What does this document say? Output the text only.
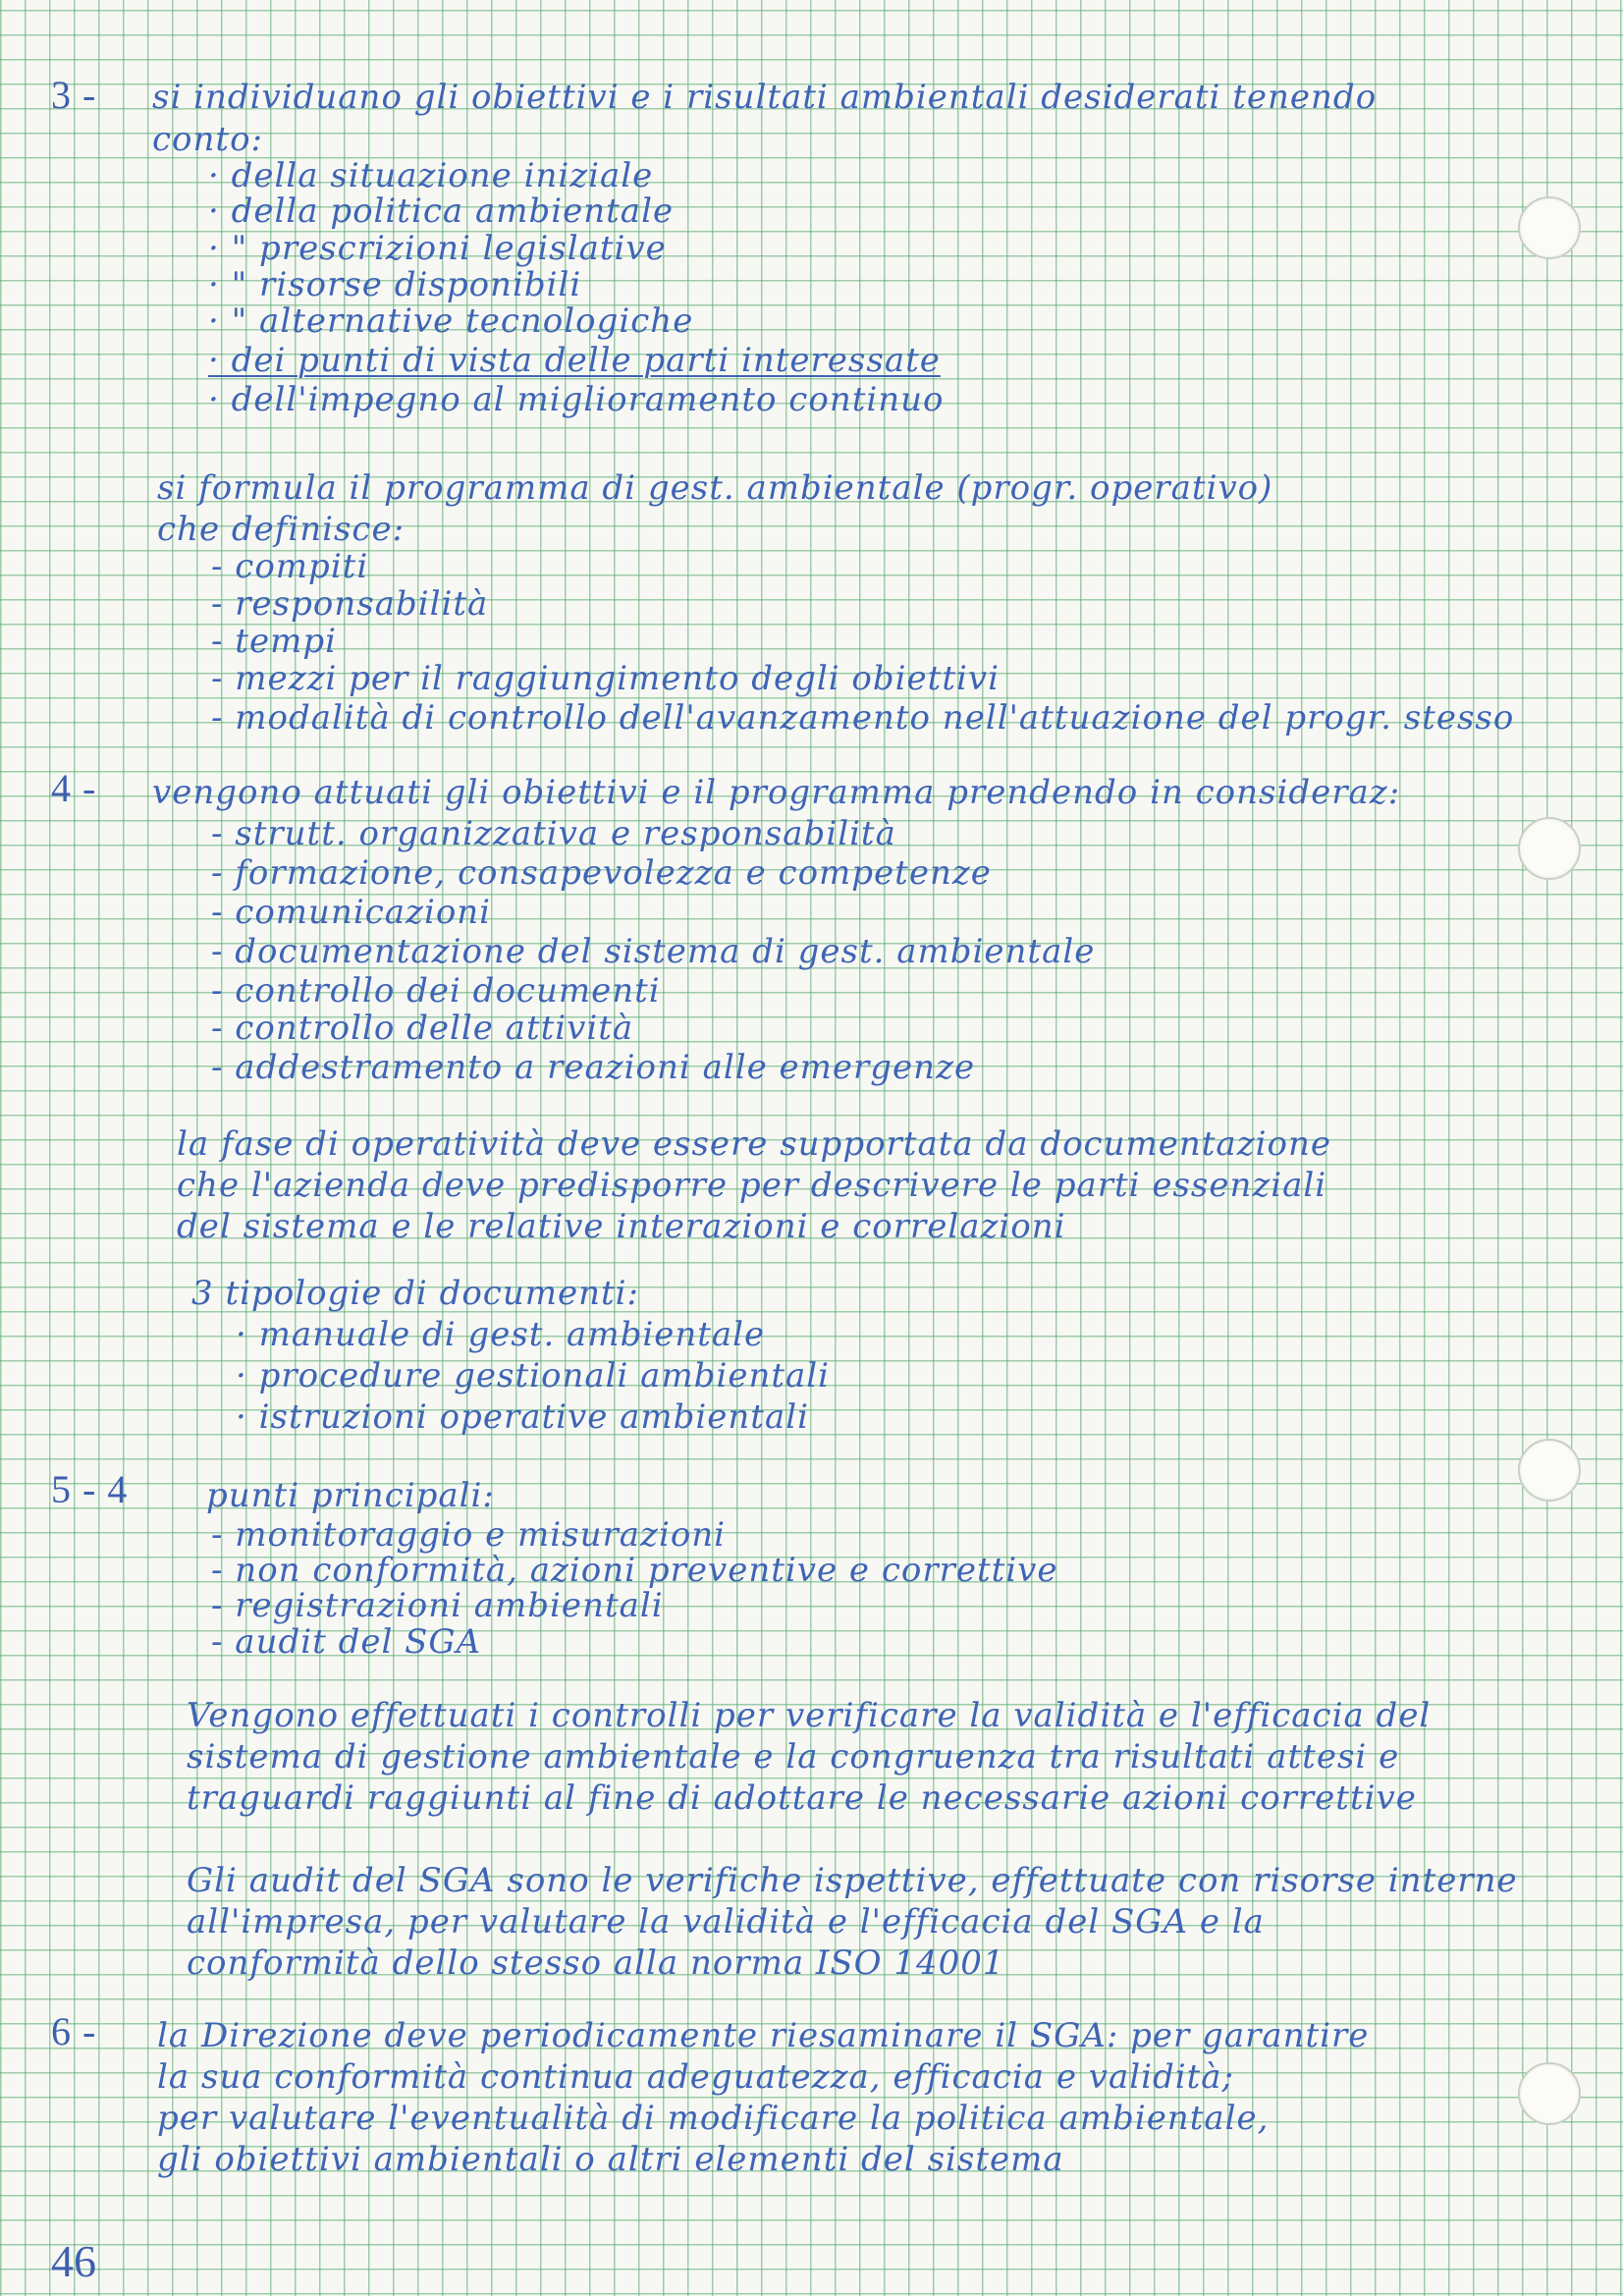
3 - si individuano gli obiettivi e i risultati ambientali desiderati tenendo
conto:
· della situazione iniziale
· della politica ambientale
· " prescrizioni legislative
· " risorse disponibili
· " alternative tecnologiche
· dei punti di vista delle parti interessate
· dell'impegno al miglioramento continuo
si formula il programma di gest. ambientale (progr. operativo)
che definisce:
- compiti
- responsabilità
- tempi
- mezzi per il raggiungimento degli obiettivi
- modalità di controllo dell'avanzamento nell'attuazione del progr. stesso
4 - vengono attuati gli obiettivi e il programma prendendo in consideraz:
- strutt. organizzativa e responsabilità
- formazione, consapevolezza e competenze
- comunicazioni
- documentazione del sistema di gest. ambientale
- controllo dei documenti
- controllo delle attività
- addestramento a reazioni alle emergenze
la fase di operatività deve essere supportata da documentazione
che l'azienda deve predisporre per descrivere le parti essenziali
del sistema e le relative interazioni e correlazioni
3 tipologie di documenti:
· manuale di gest. ambientale
· procedure gestionali ambientali
· istruzioni operative ambientali
5 - 4 punti principali:
- monitoraggio e misurazioni
- non conformità, azioni preventive e correttive
- registrazioni ambientali
- audit del SGA
Vengono effettuati i controlli per verificare la validità e l'efficacia del
sistema di gestione ambientale e la congruenza tra risultati attesi e
traguardi raggiunti al fine di adottare le necessarie azioni correttive
Gli audit del SGA sono le verifiche ispettive, effettuate con risorse interne
all'impresa, per valutare la validità e l'efficacia del SGA e la
conformità dello stesso alla norma ISO 14001
6 - la Direzione deve periodicamente riesaminare il SGA: per garantire
la sua conformità continua adeguatezza, efficacia e validità;
per valutare l'eventualità di modificare la politica ambientale,
gli obiettivi ambientali o altri elementi del sistema
46
